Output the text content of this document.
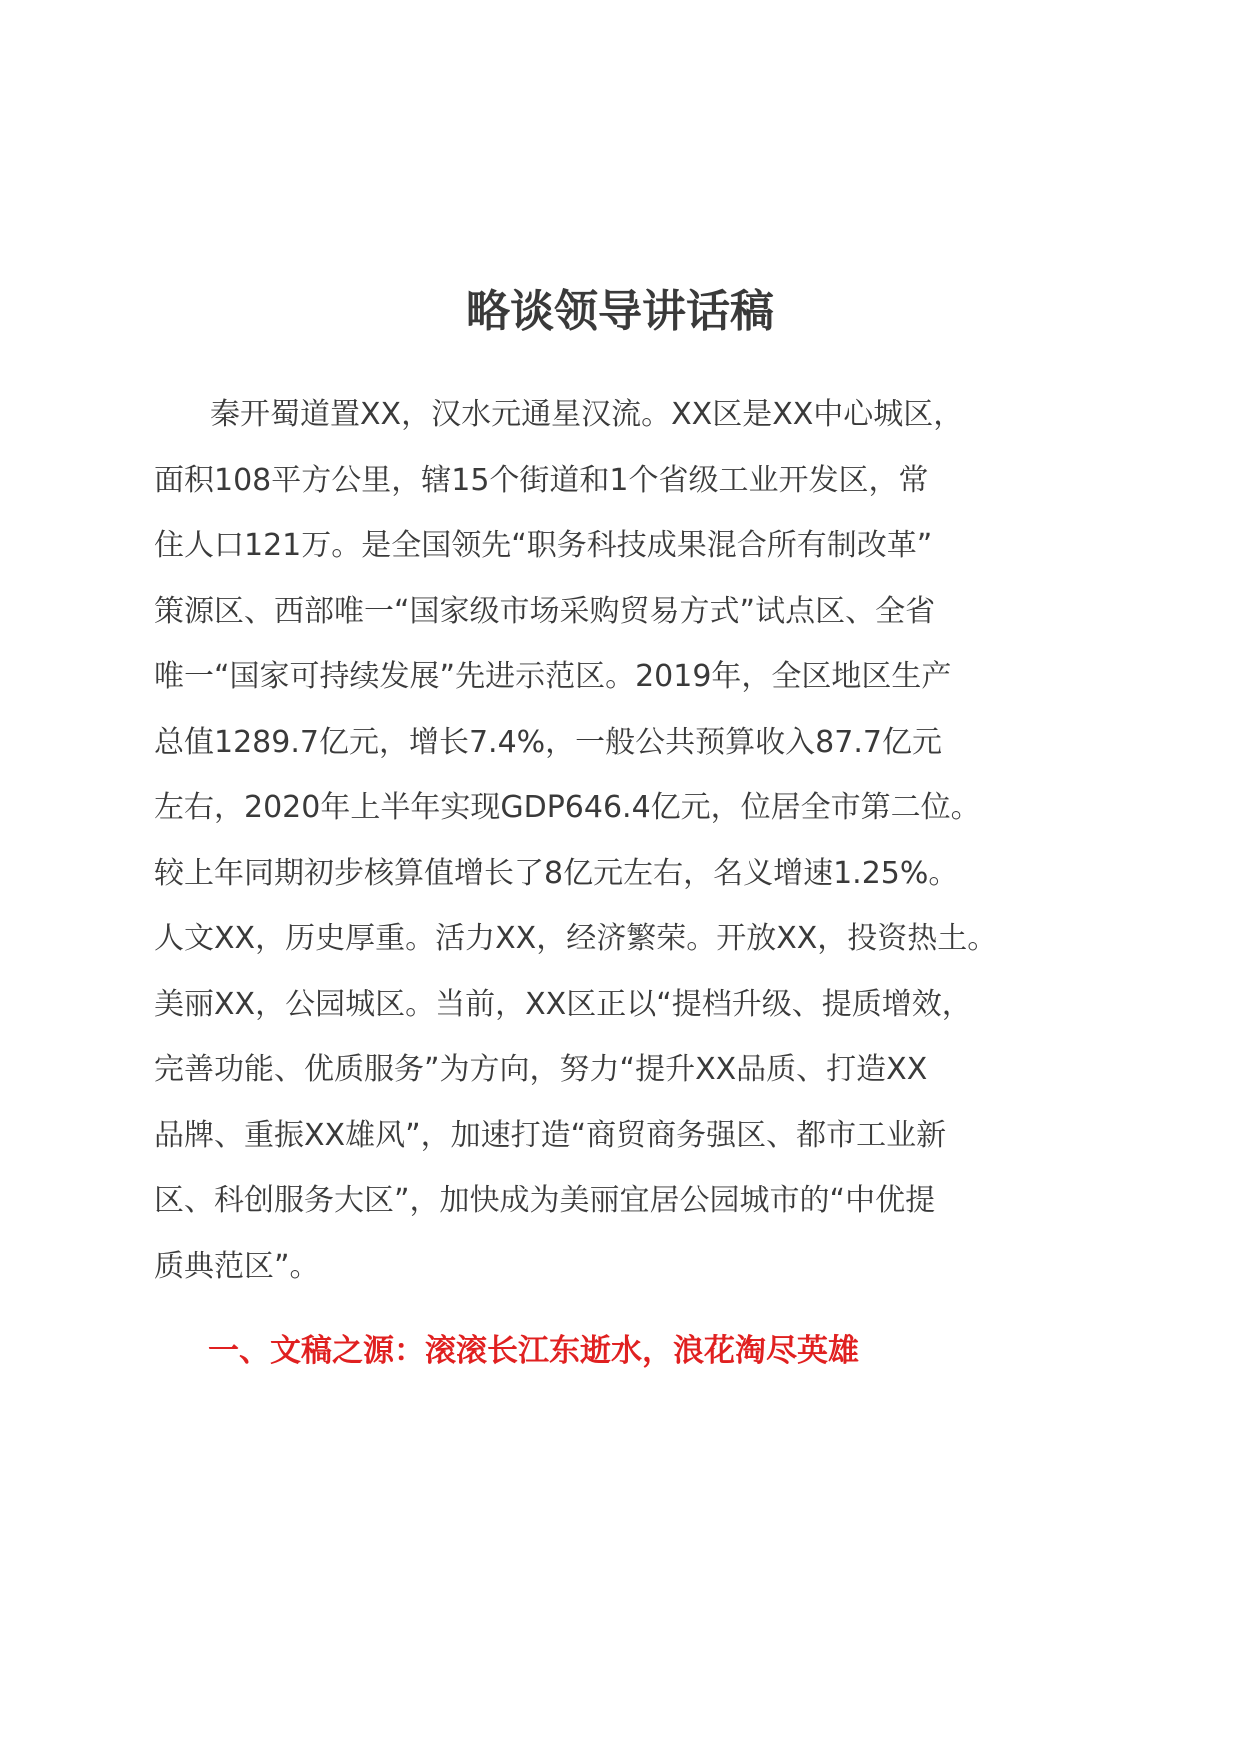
略谈领导讲话稿
秦开蜀道置XX，汉水元通星汉流。XX区是XX中心城区，
面积108平方公里，辖15个街道和1个省级工业开发区，常
住人口121万。是全国领先“职务科技成果混合所有制改革”
策源区、西部唯一“国家级市场采购贸易方式”试点区、全省
唯一“国家可持续发展”先进示范区。2019年，全区地区生产
总值1289.7亿元，增长7.4%，一般公共预算收入87.7亿元
左右，2020年上半年实现GDP646.4亿元，位居全市第二位。
较上年同期初步核算值增长了8亿元左右，名义增速1.25%。
人文XX，历史厚重。活力XX，经济繁荣。开放XX，投资热土。
美丽XX，公园城区。当前，XX区正以“提档升级、提质增效，
完善功能、优质服务”为方向，努力“提升XX品质、打造XX
品牌、重振XX雄风”，加速打造“商贸商务强区、都市工业新
区、科创服务大区”，加快成为美丽宜居公园城市的“中优提
质典范区”。
一、文稿之源：滚滚长江东逝水，浪花淘尽英雄
